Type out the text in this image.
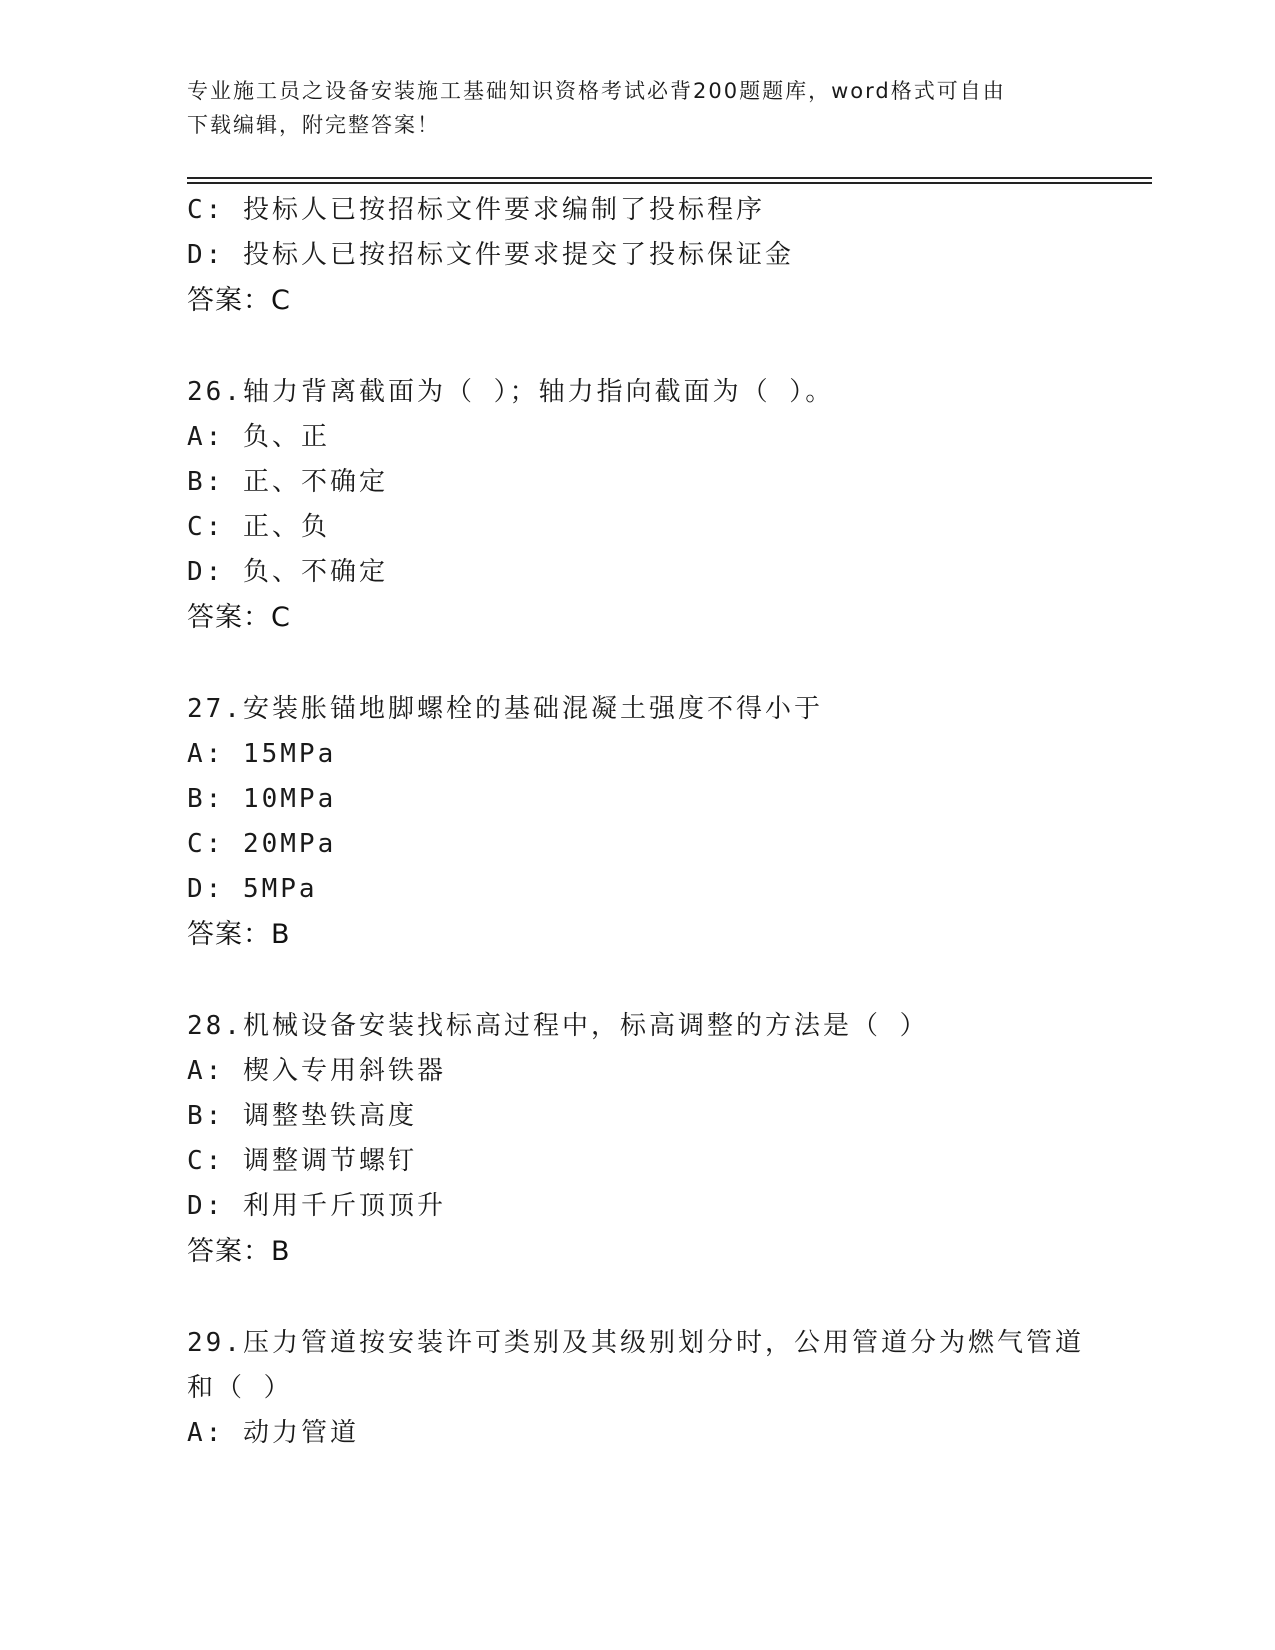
专业施工员之设备安装施工基础知识资格考试必背200题题库，word格式可自由
下载编辑，附完整答案！
C: 投标人已按招标文件要求编制了投标程序
D: 投标人已按招标文件要求提交了投标保证金
答案：C
26.轴力背离截面为（ ）；轴力指向截面为（ ）。
A: 负、正
B: 正、不确定
C: 正、负
D: 负、不确定
答案：C
27.安装胀锚地脚螺栓的基础混凝土强度不得小于
A: 15MPa
B: 10MPa
C: 20MPa
D: 5MPa
答案：B
28.机械设备安装找标高过程中，标高调整的方法是（ ）
A: 楔入专用斜铁器
B: 调整垫铁高度
C: 调整调节螺钉
D: 利用千斤顶顶升
答案：B
29.压力管道按安装许可类别及其级别划分时，公用管道分为燃气管道
和（ ）
A: 动力管道
